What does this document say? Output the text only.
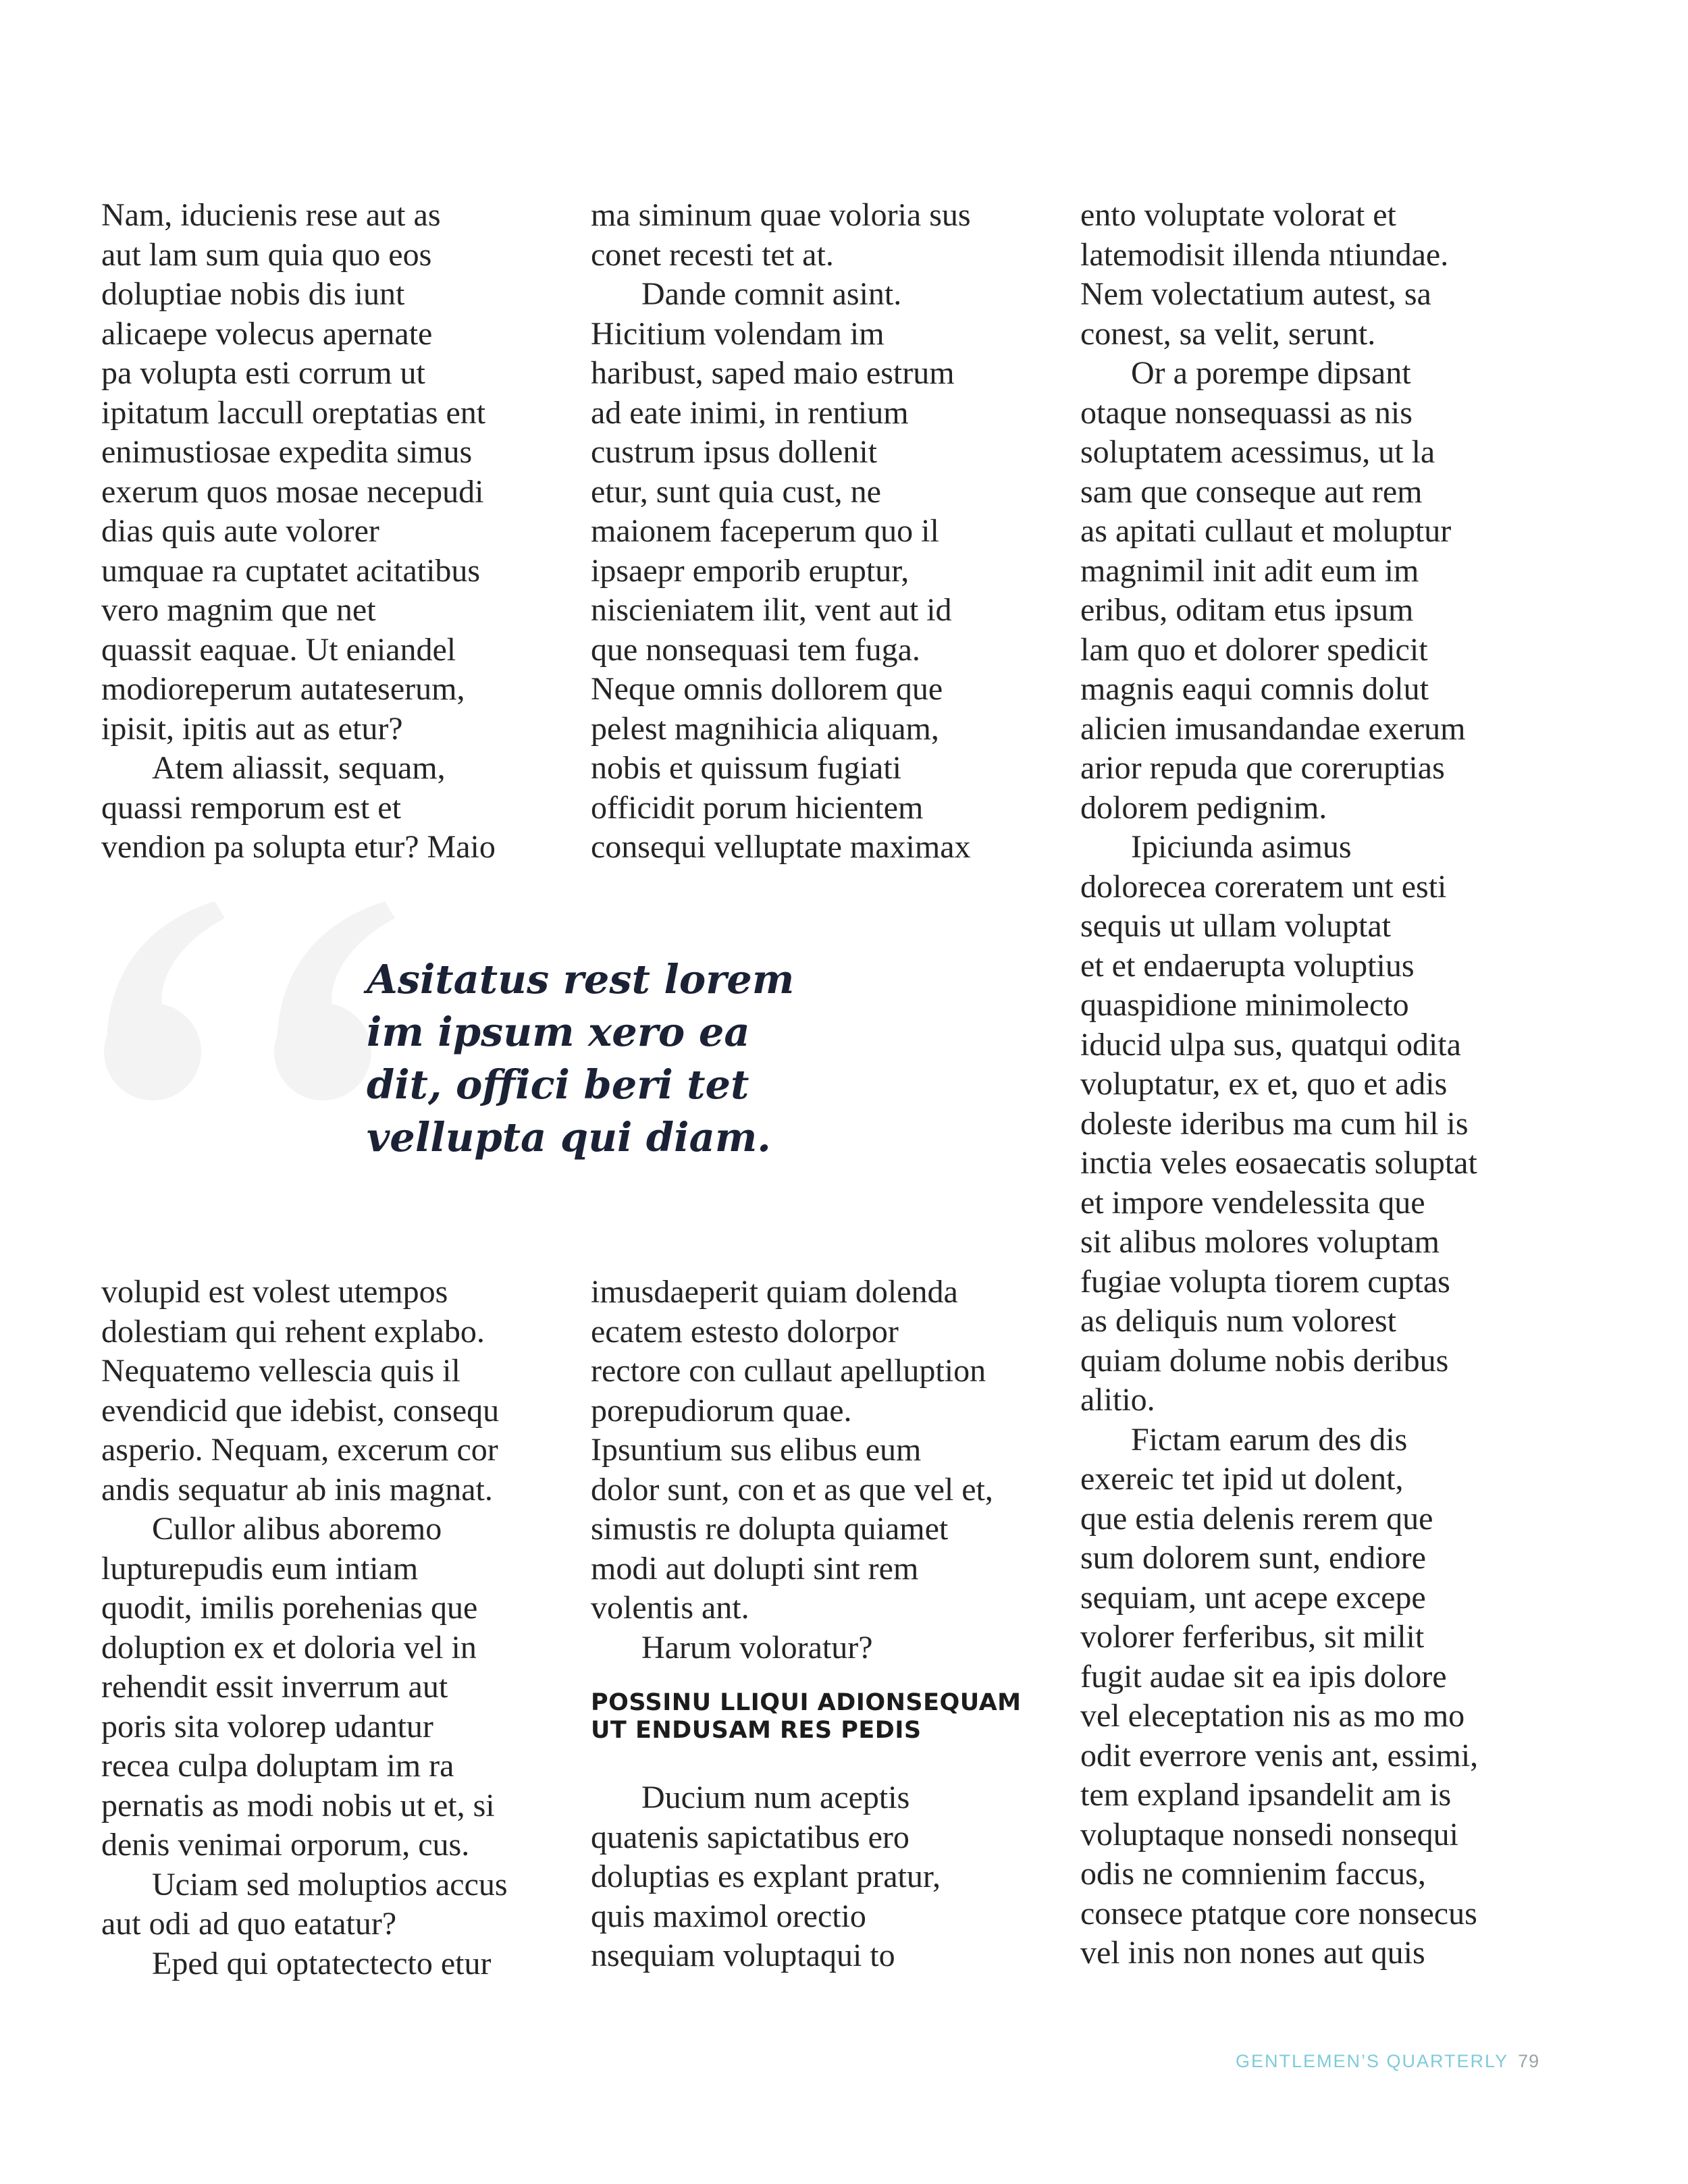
Nam, iducienis rese aut as
aut lam sum quia quo eos
doluptiae nobis dis iunt
alicaepe volecus apernate
pa volupta esti corrum ut
ipitatum laccull oreptatias ent
enimustiosae expedita simus
exerum quos mosae necepudi
dias quis aute volorer
umquae ra cuptatet acitatibus
vero magnim que net
quassit eaquae. Ut eniandel
modioreperum autateserum,
ipisit, ipitis aut as etur?
Atem aliassit, sequam,
quassi remporum est et
vendion pa solupta etur? Maio
ma siminum quae voloria sus
conet recesti tet at.
Dande comnit asint.
Hicitium volendam im
haribust, saped maio estrum
ad eate inimi, in rentium
custrum ipsus dollenit
etur, sunt quia cust, ne
maionem faceperum quo il
ipsaepr emporib eruptur,
niscieniatem ilit, vent aut id
que nonsequasi tem fuga.
Neque omnis dollorem que
pelest magnihicia aliquam,
nobis et quissum fugiati
officidit porum hicientem
consequi velluptate maximax
ento voluptate volorat et
latemodisit illenda ntiundae.
Nem volectatium autest, sa
conest, sa velit, serunt.
Or a porempe dipsant
otaque nonsequassi as nis
soluptatem acessimus, ut la
sam que conseque aut rem
as apitati cullaut et moluptur
magnimil init adit eum im
eribus, oditam etus ipsum
lam quo et dolorer spedicit
magnis eaqui comnis dolut
alicien imusandandae exerum
arior repuda que coreruptias
dolorem pedignim.
Ipiciunda asimus
dolorecea coreratem unt esti
sequis ut ullam voluptat
et et endaerupta voluptius
quaspidione minimolecto
iducid ulpa sus, quatqui odita
voluptatur, ex et, quo et adis
doleste ideribus ma cum hil is
inctia veles eosaecatis soluptat
et impore vendelessita que
sit alibus molores voluptam
fugiae volupta tiorem cuptas
as deliquis num volorest
quiam dolume nobis deribus
alitio.
Fictam earum des dis
exereic tet ipid ut dolent,
que estia delenis rerem que
sum dolorem sunt, endiore
sequiam, unt acepe excepe
volorer ferferibus, sit milit
fugit audae sit ea ipis dolore
vel eleceptation nis as mo mo
odit everrore venis ant, essimi,
tem expland ipsandelit am is
voluptaque nonsedi nonsequi
odis ne comnienim faccus,
consece ptatque core nonsecus
vel inis non nones aut quis
Asitatus rest lorem
im ipsum xero ea
dit, offici beri tet
vellupta qui diam.
volupid est volest utempos
dolestiam qui rehent explabo.
Nequatemo vellescia quis il
evendicid que idebist, consequ
asperio. Nequam, excerum cor
andis sequatur ab inis magnat.
Cullor alibus aboremo
lupturepudis eum intiam
quodit, imilis porehenias que
doluption ex et doloria vel in
rehendit essit inverrum aut
poris sita volorep udantur
recea culpa doluptam im ra
pernatis as modi nobis ut et, si
denis venimai orporum, cus.
Uciam sed moluptios accus
aut odi ad quo eatatur?
Eped qui optatectecto etur
imusdaeperit quiam dolenda
ecatem estesto dolorpor
rectore con cullaut apelluption
porepudiorum quae.
Ipsuntium sus elibus eum
dolor sunt, con et as que vel et,
simustis re dolupta quiamet
modi aut dolupti sint rem
volentis ant.
Harum voloratur?
POSSINU LLIQUI ADIONSEQUAM
UT ENDUSAM RES PEDIS
Ducium num aceptis
quatenis sapictatibus ero
doluptias es explant pratur,
quis maximol orectio
nsequiam voluptaqui to
GENTLEMEN’S QUARTERLY 79
